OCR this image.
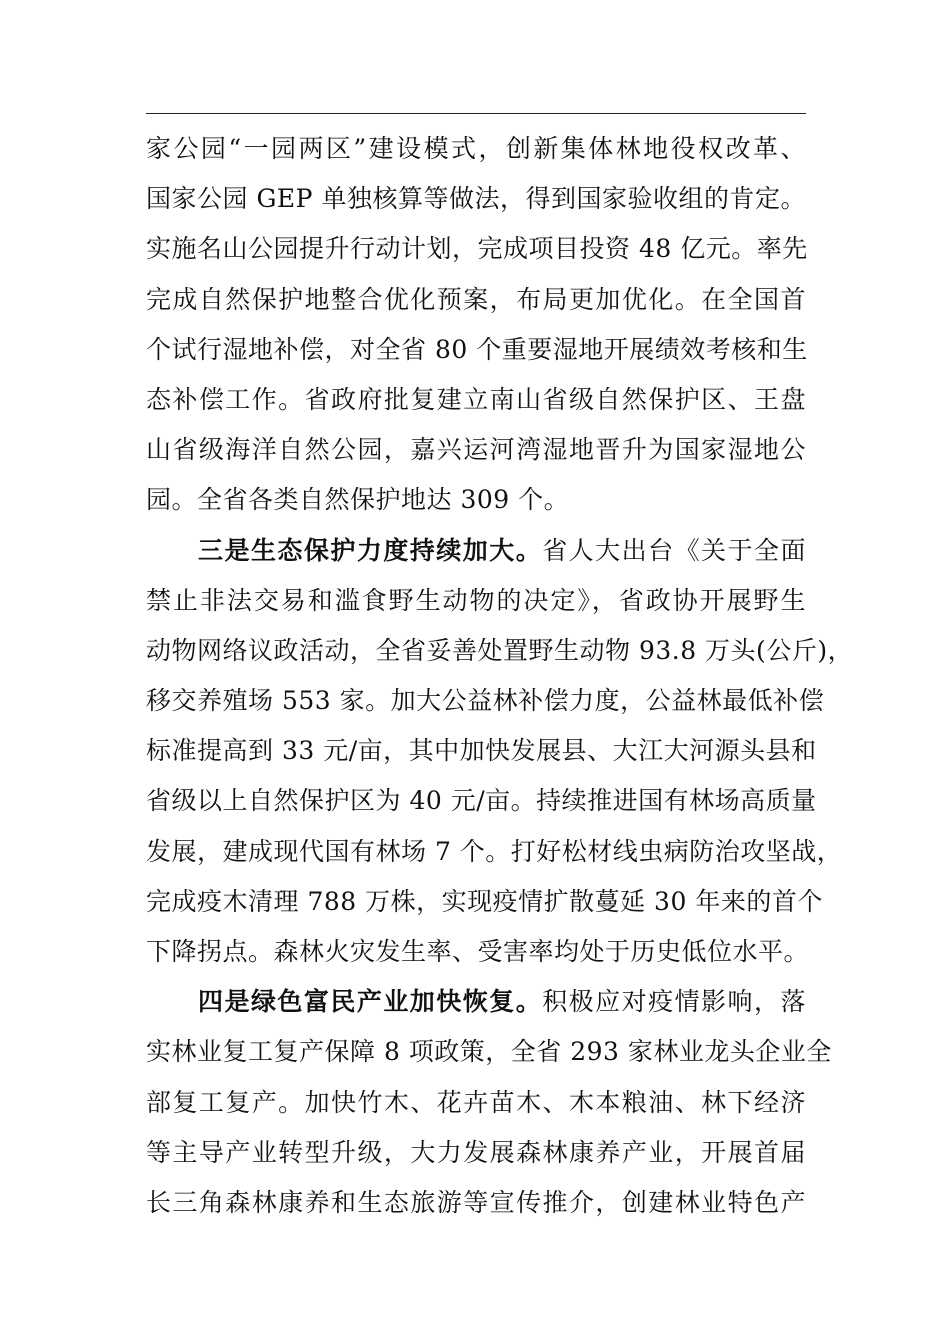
家公园“一园两区”建设模式，创新集体林地役权改革、
国家公园 GEP 单独核算等做法，得到国家验收组的肯定。
实施名山公园提升行动计划，完成项目投资 48 亿元。率先
完成自然保护地整合优化预案，布局更加优化。在全国首
个试行湿地补偿，对全省 80 个重要湿地开展绩效考核和生
态补偿工作。省政府批复建立南山省级自然保护区、王盘
山省级海洋自然公园，嘉兴运河湾湿地晋升为国家湿地公
园。全省各类自然保护地达 309 个。
三是生态保护力度持续加大。省人大出台《关于全面
禁止非法交易和滥食野生动物的决定》，省政协开展野生
动物网络议政活动，全省妥善处置野生动物 93.8 万头(公斤)，
移交养殖场 553 家。加大公益林补偿力度，公益林最低补偿
标准提高到 33 元/亩，其中加快发展县、大江大河源头县和
省级以上自然保护区为 40 元/亩。持续推进国有林场高质量
发展，建成现代国有林场 7 个。打好松材线虫病防治攻坚战，
完成疫木清理 788 万株，实现疫情扩散蔓延 30 年来的首个
下降拐点。森林火灾发生率、受害率均处于历史低位水平。
四是绿色富民产业加快恢复。积极应对疫情影响，落
实林业复工复产保障 8 项政策，全省 293 家林业龙头企业全
部复工复产。加快竹木、花卉苗木、木本粮油、林下经济
等主导产业转型升级，大力发展森林康养产业，开展首届
长三角森林康养和生态旅游等宣传推介，创建林业特色产
